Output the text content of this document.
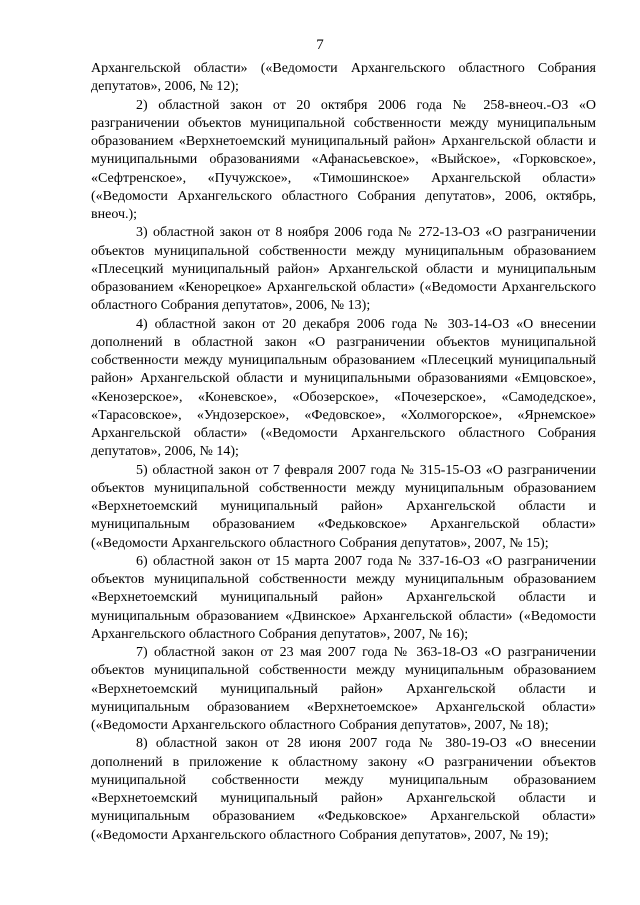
7

Архангельской области» («Ведомости Архангельского областного Собрания депутатов», 2006, № 12);

2) областной закон от 20 октября 2006 года № 258-внеоч.-ОЗ «О разграничении объектов муниципальной собственности между муниципальным образованием «Верхнетоемский муниципальный район» Архангельской области и муниципальными образованиями «Афанасьевское», «Выйское», «Горковское», «Сефтренское», «Пучужское», «Тимошинское» Архангельской области» («Ведомости Архангельского областного Собрания депутатов», 2006, октябрь, внеоч.);

3) областной закон от 8 ноября 2006 года № 272-13-ОЗ «О разграничении объектов муниципальной собственности между муниципальным образованием «Плесецкий муниципальный район» Архангельской области и муниципальным образованием «Кенорецкое» Архангельской области» («Ведомости Архангельского областного Собрания депутатов», 2006, № 13);

4) областной закон от 20 декабря 2006 года № 303-14-ОЗ «О внесении дополнений в областной закон «О разграничении объектов муниципальной собственности между муниципальным образованием «Плесецкий муниципальный район» Архангельской области и муниципальными образованиями «Емцовское», «Кенозерское», «Коневское», «Обозерское», «Почезерское», «Самодедское», «Тарасовское», «Ундозерское», «Федовское», «Холмогорское», «Ярнемское» Архангельской области» («Ведомости Архангельского областного Собрания депутатов», 2006, № 14);

5) областной закон от 7 февраля 2007 года № 315-15-ОЗ «О разграничении объектов муниципальной собственности между муниципальным образованием «Верхнетоемский муниципальный район» Архангельской области и муниципальным образованием «Федьковское» Архангельской области» («Ведомости Архангельского областного Собрания депутатов», 2007, № 15);

6) областной закон от 15 марта 2007 года № 337-16-ОЗ «О разграничении объектов муниципальной собственности между муниципальным образованием «Верхнетоемский муниципальный район» Архангельской области и муниципальным образованием «Двинское» Архангельской области» («Ведомости Архангельского областного Собрания депутатов», 2007, № 16);

7) областной закон от 23 мая 2007 года № 363-18-ОЗ «О разграничении объектов муниципальной собственности между муниципальным образованием «Верхнетоемский муниципальный район» Архангельской области и муниципальным образованием «Верхнетоемское» Архангельской области» («Ведомости Архангельского областного Собрания депутатов», 2007, № 18);

8) областной закон от 28 июня 2007 года № 380-19-ОЗ «О внесении дополнений в приложение к областному закону «О разграничении объектов муниципальной собственности между муниципальным образованием «Верхнетоемский муниципальный район» Архангельской области и муниципальным образованием «Федьковское» Архангельской области» («Ведомости Архангельского областного Собрания депутатов», 2007, № 19);
